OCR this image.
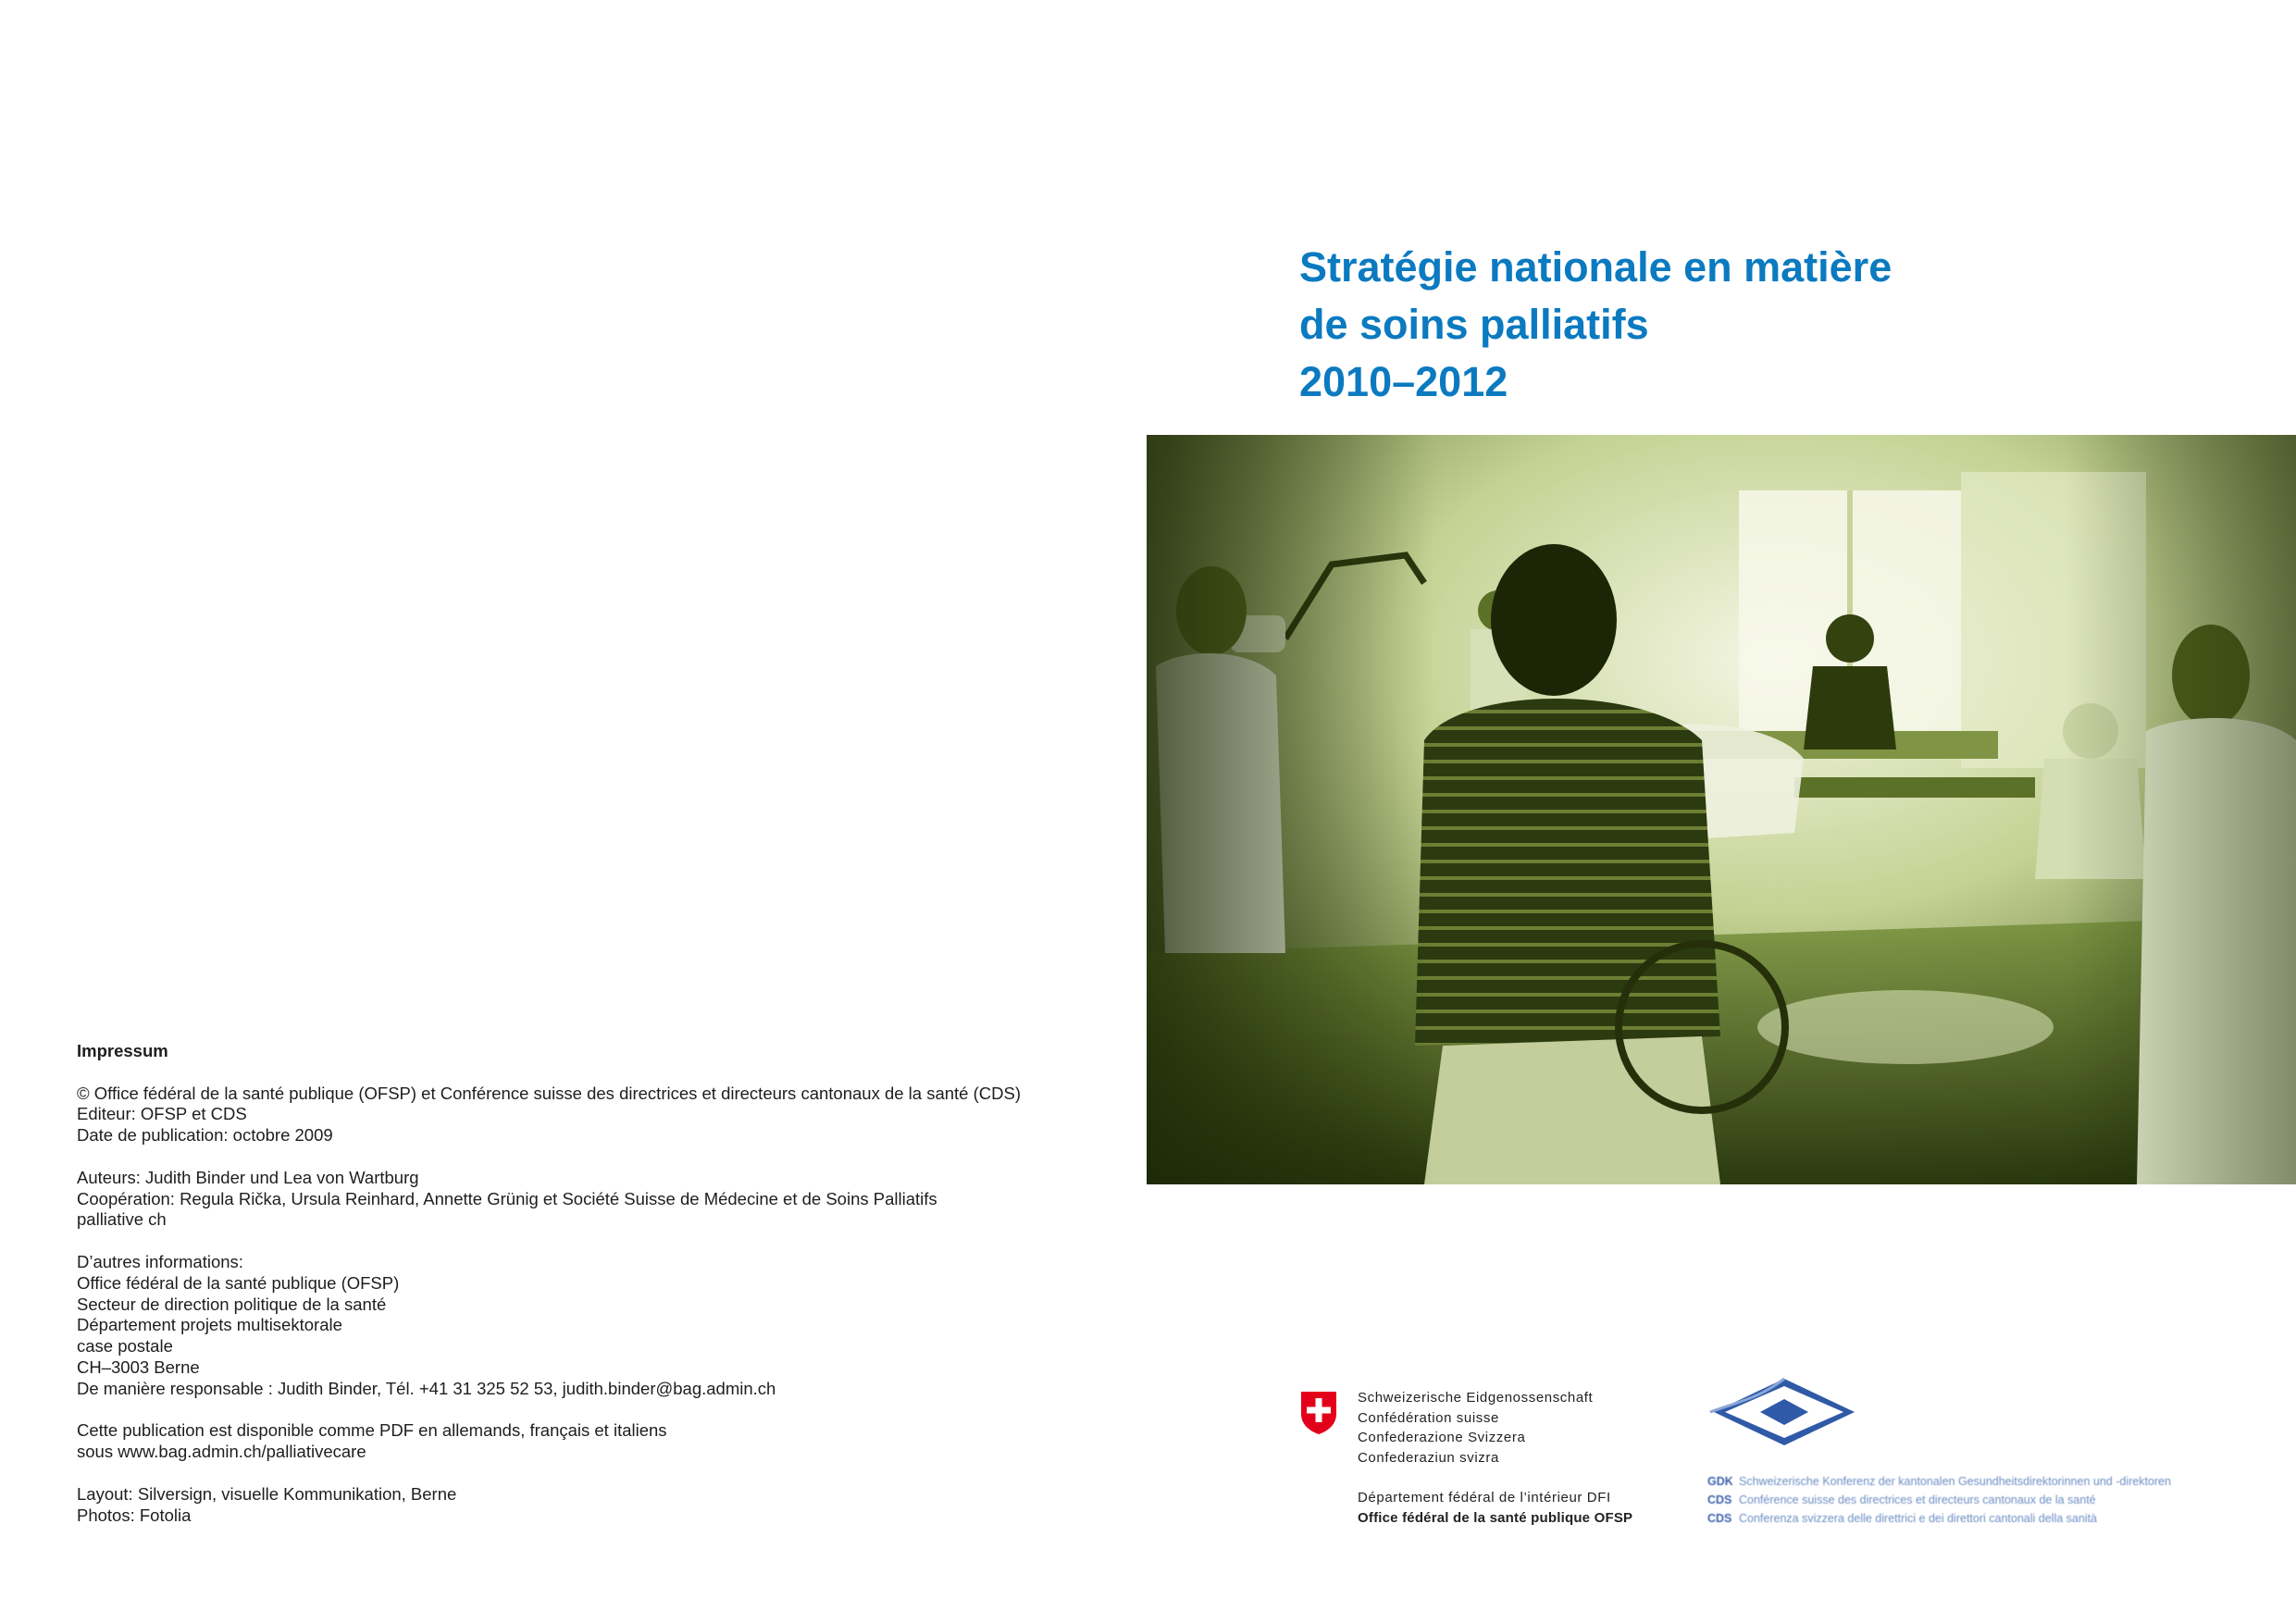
Stratégie nationale en matière
de soins palliatifs
2010–2012
Impressum
© Office fédéral de la santé publique (OFSP) et Conférence suisse des directrices et directeurs cantonaux de la santé (CDS)
Editeur: OFSP et CDS
Date de publication: octobre 2009
Auteurs: Judith Binder und Lea von Wartburg
Coopération: Regula Rička, Ursula Reinhard, Annette Grünig et Société Suisse de Médecine et de Soins Palliatifs
palliative ch
D’autres informations:
Office fédéral de la santé publique (OFSP)
Secteur de direction politique de la santé
Département projets multisektorale
case postale
CH–3003 Berne
De manière responsable : Judith Binder, Tél. +41 31 325 52 53, judith.binder@bag.admin.ch
Cette publication est disponible comme PDF en allemands, français et italiens
sous www.bag.admin.ch/palliativecare
Layout: Silversign, visuelle Kommunikation, Berne
Photos: Fotolia
Schweizerische Eidgenossenschaft
Confédération suisse
Confederazione Svizzera
Confederaziun svizra
Département fédéral de l’intérieur DFI
Office fédéral de la santé publique OFSP
GDK Schweizerische Konferenz der kantonalen Gesundheitsdirektorinnen und -direktoren
CDS Conférence suisse des directrices et directeurs cantonaux de la santé
CDS Conferenza svizzera delle direttrici e dei direttori cantonali della sanità
